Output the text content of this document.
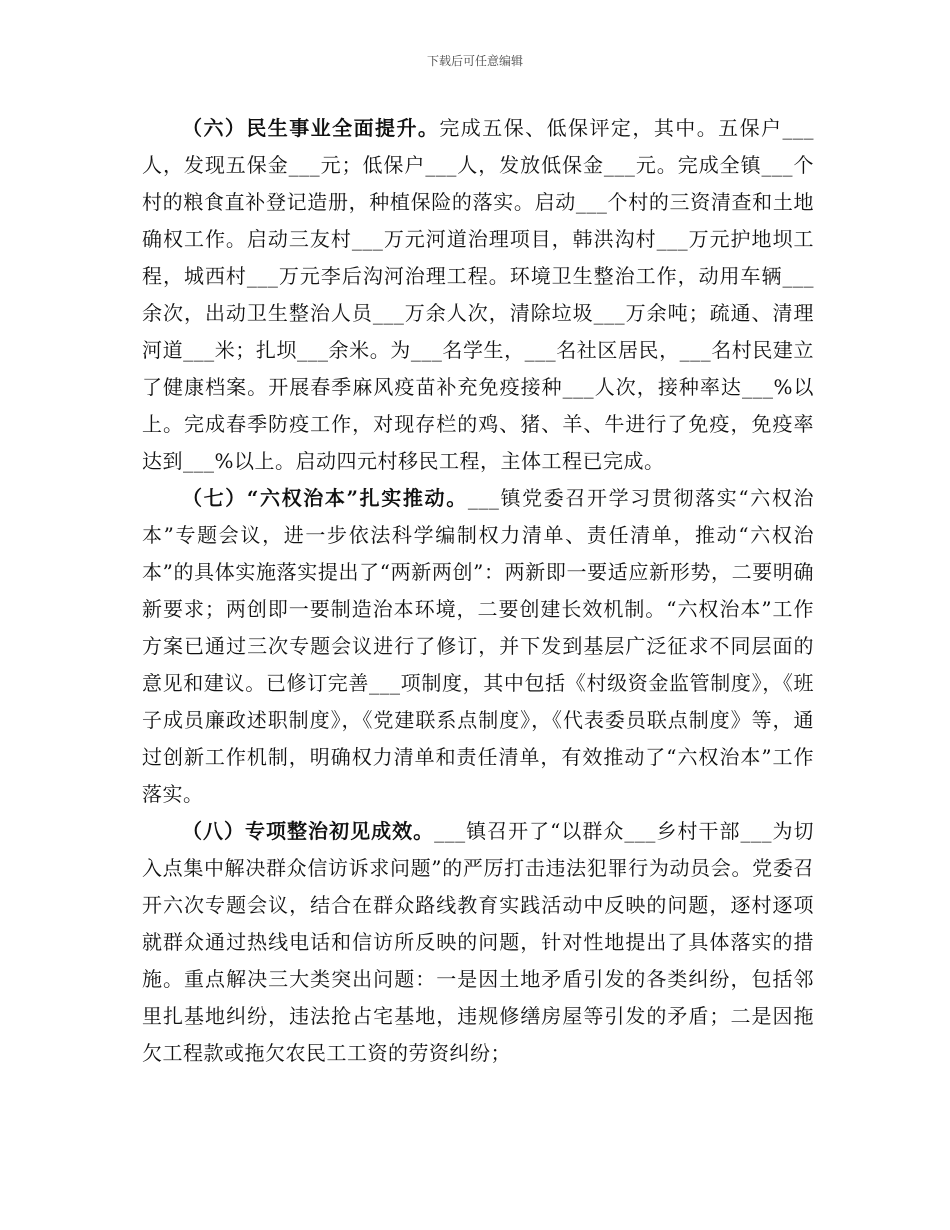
下载后可任意编辑

（六）民生事业全面提升。完成五保、低保评定，其中。五保户___人，发现五保金___元；低保户___人，发放低保金___元。完成全镇___个村的粮食直补登记造册，种植保险的落实。启动___个村的三资清查和土地确权工作。启动三友村___万元河道治理项目，韩洪沟村___万元护地坝工程，城西村___万元李后沟河治理工程。环境卫生整治工作，动用车辆___余次，出动卫生整治人员___万余人次，清除垃圾___万余吨；疏通、清理河道___米；扎坝___余米。为___名学生，___名社区居民，___名村民建立了健康档案。开展春季麻风疫苗补充免疫接种___人次，接种率达___%以上。完成春季防疫工作，对现存栏的鸡、猪、羊、牛进行了免疫，免疫率达到___%以上。启动四元村移民工程，主体工程已完成。

（七）“六权治本”扎实推动。___镇党委召开学习贯彻落实“六权治本”专题会议，进一步依法科学编制权力清单、责任清单，推动“六权治本”的具体实施落实提出了“两新两创”：两新即一要适应新形势，二要明确新要求；两创即一要制造治本环境，二要创建长效机制。“六权治本”工作方案已通过三次专题会议进行了修订，并下发到基层广泛征求不同层面的意见和建议。已修订完善___项制度，其中包括《村级资金监管制度》，《班子成员廉政述职制度》，《党建联系点制度》，《代表委员联点制度》等，通过创新工作机制，明确权力清单和责任清单，有效推动了“六权治本”工作落实。

（八）专项整治初见成效。___镇召开了“以群众___乡村干部___为切入点集中解决群众信访诉求问题”的严厉打击违法犯罪行为动员会。党委召开六次专题会议，结合在群众路线教育实践活动中反映的问题，逐村逐项就群众通过热线电话和信访所反映的问题，针对性地提出了具体落实的措施。重点解决三大类突出问题：一是因土地矛盾引发的各类纠纷，包括邻里扎基地纠纷，违法抢占宅基地，违规修缮房屋等引发的矛盾；二是因拖欠工程款或拖欠农民工工资的劳资纠纷；
